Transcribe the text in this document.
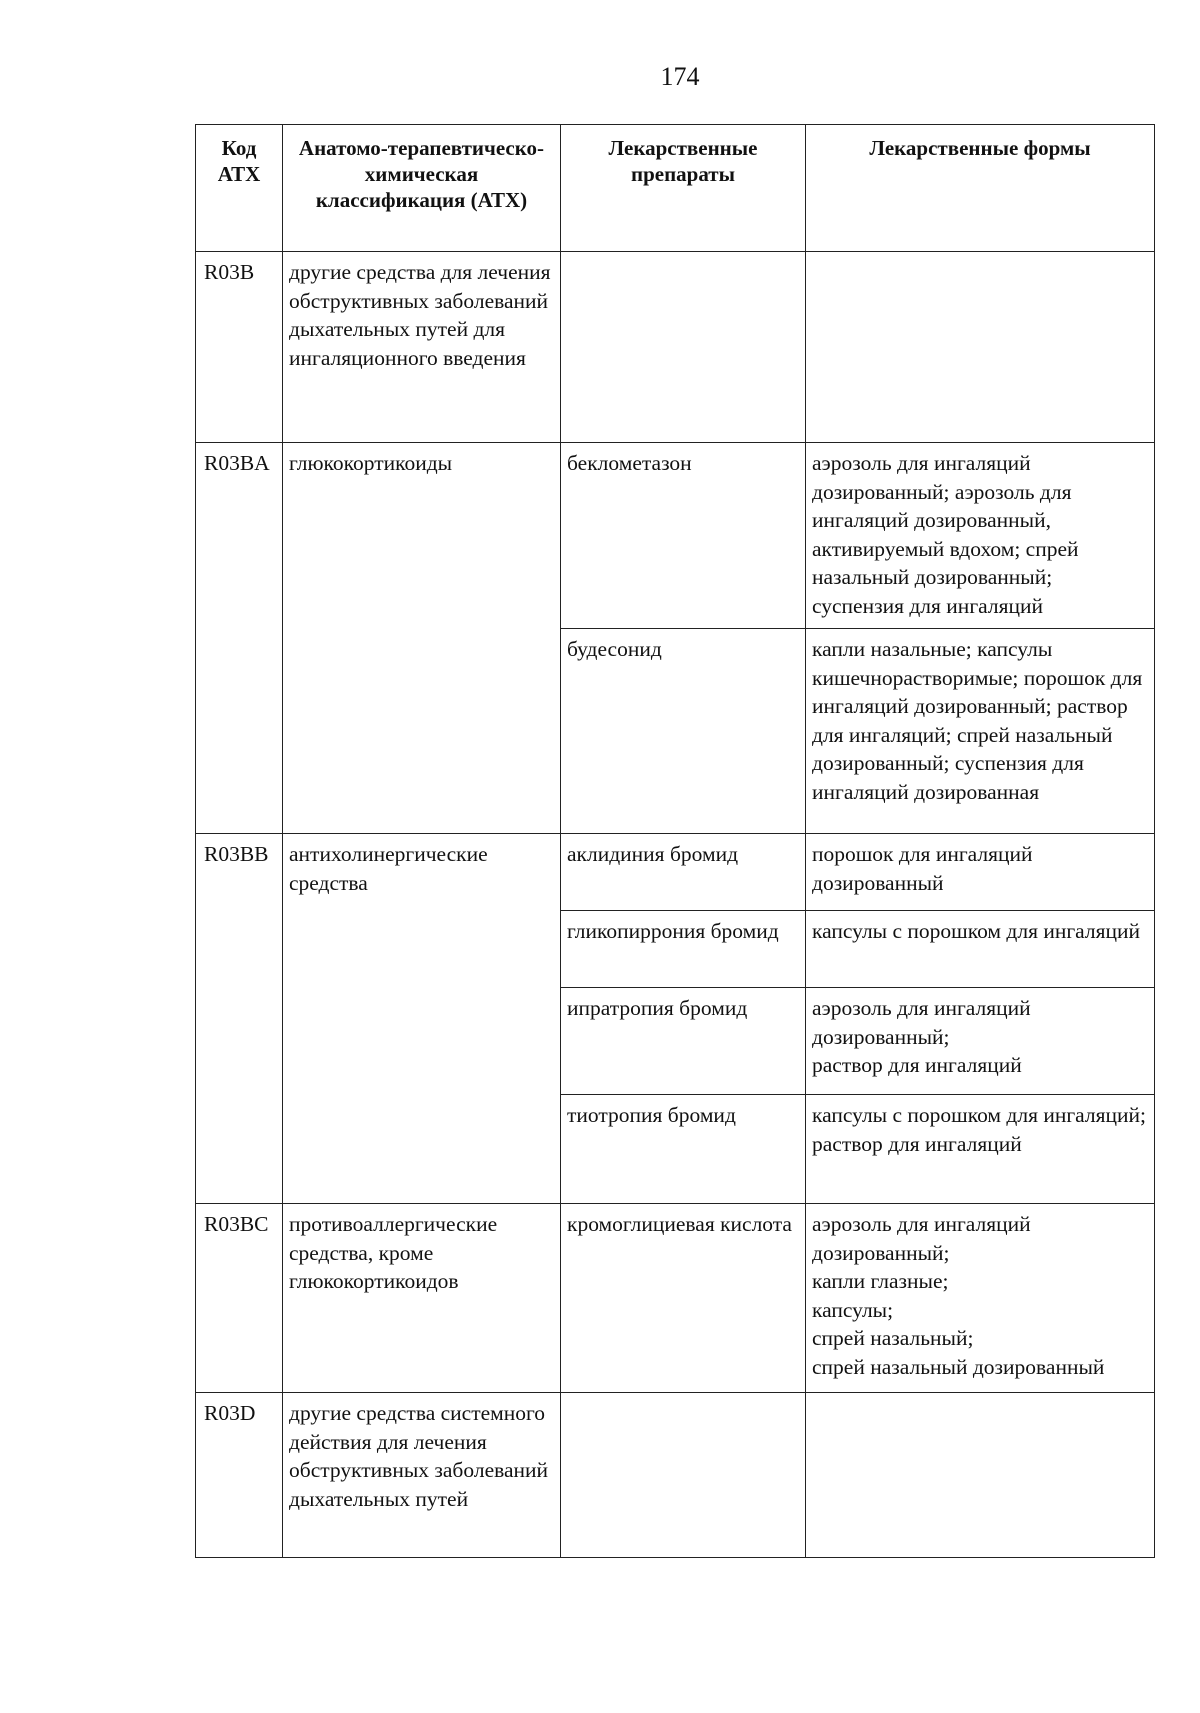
174
Код АТХ	Анатомо-терапевтическо-химическая классификация (АТХ)	Лекарственные препараты	Лекарственные формы
R03B	другие средства для лечения обструктивных заболеваний дыхательных путей для ингаляционного введения		
R03BA	глюкокортикоиды	беклометазон	аэрозоль для ингаляций дозированный; аэрозоль для ингаляций дозированный, активируемый вдохом; спрей назальный дозированный; суспензия для ингаляций
		будесонид	капли назальные; капсулы кишечнорастворимые; порошок для ингаляций дозированный; раствор для ингаляций; спрей назальный дозированный; суспензия для ингаляций дозированная
R03BB	антихолинергические средства	аклидиния бромид	порошок для ингаляций дозированный
		гликопиррония бромид	капсулы с порошком для ингаляций
		ипратропия бромид	аэрозоль для ингаляций дозированный;
раствор для ингаляций
		тиотропия бромид	капсулы с порошком для ингаляций;
раствор для ингаляций
R03BC	противоаллергические средства, кроме глюкокортикоидов	кромоглициевая кислота	аэрозоль для ингаляций дозированный;
капли глазные;
капсулы;
спрей назальный;
спрей назальный дозированный
R03D	другие средства системного действия для лечения обструктивных заболеваний дыхательных путей		
